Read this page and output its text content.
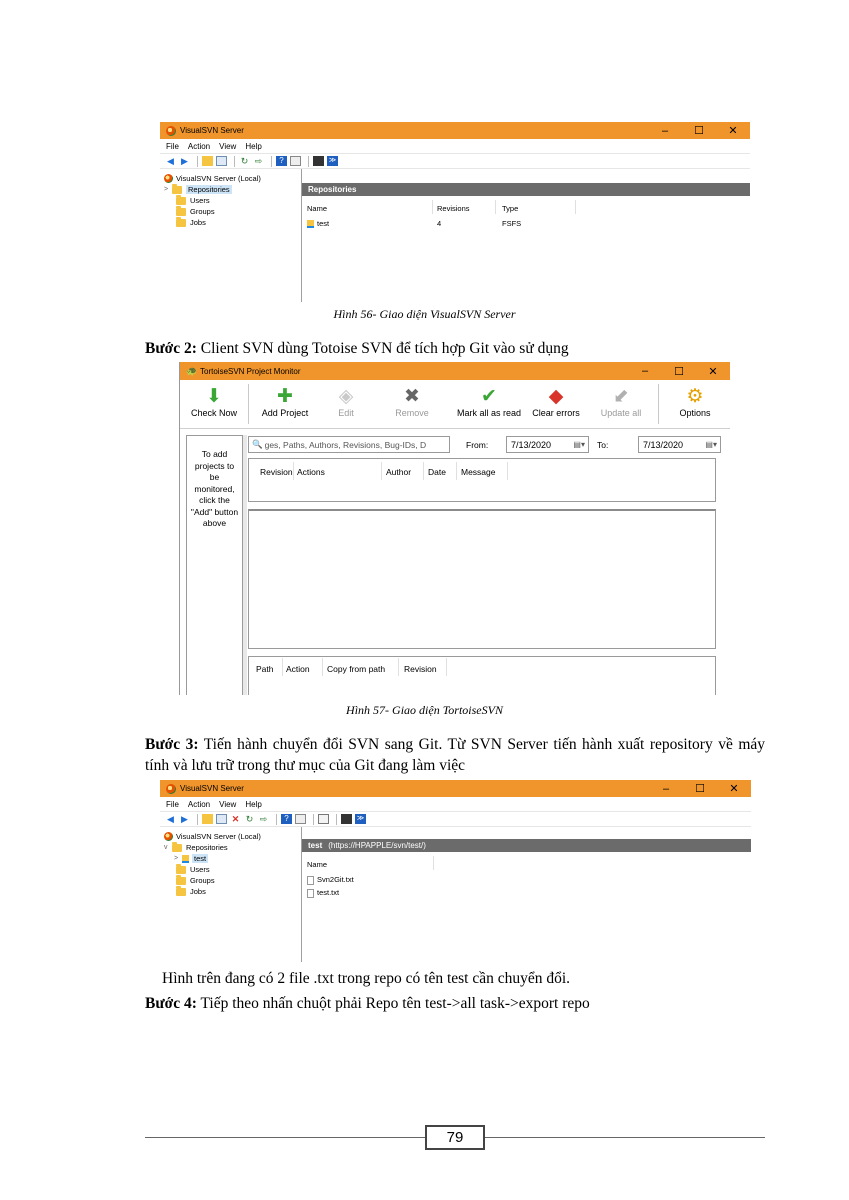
VisualSVN Server	–	☐	✕
File Action View Help
◀ ▶	↻ ⇨	?	≫
VisualSVN Server (Local)
>	Repositories
Users
Groups
Jobs
Repositories
Name	Revisions	Type
test	4	FSFS
Hình 56- Giao diện VisualSVN Server
Bước 2: Client SVN dùng Totoise SVN để tích hợp Git vào sử dụng
🐢 TortoiseSVN Project Monitor	–	☐	✕
⬇
Check Now
✚
Add Project
◈
Edit
✖
Remove
✔
Mark all as read
◆
Clear errors
⬋
Update all
⚙
Options
To add projects to be monitored, click the "Add" button above
🔍 ges, Paths, Authors, Revisions, Bug-IDs, D	From:	7/13/2020	▤▾ To:	7/13/2020	▤▾
Revision Actions	Author Date Message
Path Action Copy from path Revision
Hình 57- Giao diện TortoiseSVN
Bước 3: Tiến hành chuyển đổi SVN sang Git. Từ SVN Server tiến hành xuất repository về máy tính và lưu trữ trong thư mục của Git đang làm việc
VisualSVN Server	–	☐	✕
File Action View Help
◀ ▶	✕ ↻ ⇨	?	≫
VisualSVN Server (Local)
v	Repositories
>	test
Users
Groups
Jobs
test (https://HPAPPLE/svn/test/)
Name
Svn2Git.txt
test.txt
Hình trên đang có 2 file .txt trong repo có tên test cần chuyển đổi.
Bước 4: Tiếp theo nhấn chuột phải Repo tên test->all task->export repo
79
